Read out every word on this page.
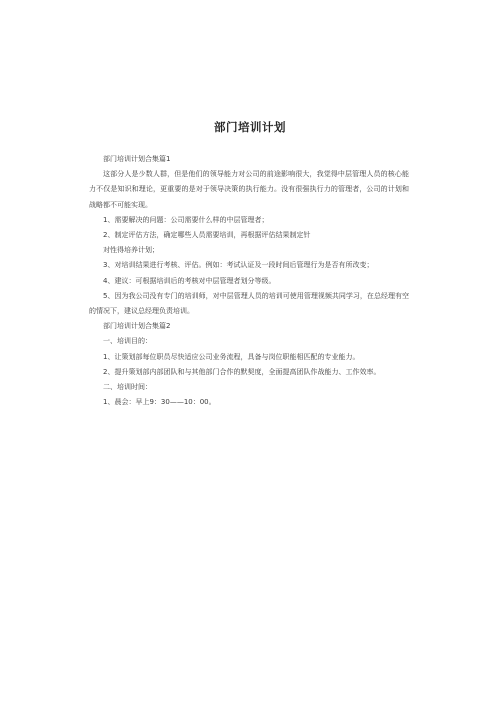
部门培训计划

部门培训计划合集篇1

这部分人是少数人群，但是他们的领导能力对公司的前途影响很大，我觉得中层管理人员的核心能力不仅是知识和理论，更重要的是对于领导决策的执行能力。没有很强执行力的管理者，公司的计划和战略都不可能实现。

1、需要解决的问题：公司需要什么样的中层管理者；

2、制定评估方法，确定哪些人员需要培训，再根据评估结果制定针

对性得培养计划；

3、对培训结果进行考核、评估。例如：考试认证及一段时间后管理行为是否有所改变；

4、建议：可根据培训后的考核对中层管理者划分等级。

5、因为我公司没有专门的培训师，对中层管理人员的培训可使用管理视频共同学习，在总经理有空的情况下，建议总经理负责培训。

部门培训计划合集篇2

一、培训目的：

1、让策划部每位职员尽快适应公司业务流程，具备与岗位职能相匹配的专业能力。

2、提升策划部内部团队和与其他部门合作的默契度，全面提高团队作战能力、工作效率。

二、培训时间：

1、晨会：早上9：30——10：00。
